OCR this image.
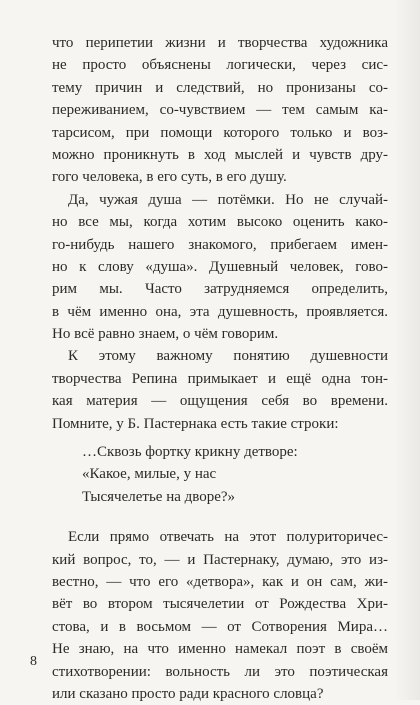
что перипетии жизни и творчества художника
не просто объяснены логически, через сис-
тему причин и следствий, но пронизаны со-
переживанием, со-чувствием — тем самым ка-
тарсисом, при помощи которого только и воз-
можно проникнуть в ход мыслей и чувств дру-
гого человека, в его суть, в его душу.
Да, чужая душа — потёмки. Но не случай-
но все мы, когда хотим высоко оценить како-
го-нибудь нашего знакомого, прибегаем имен-
но к слову «душа». Душевный человек, гово-
рим мы. Часто затрудняемся определить,
в чём именно она, эта душевность, проявляется.
Но всё равно знаем, о чём говорим.
К этому важному понятию душевности
творчества Репина примыкает и ещё одна тон-
кая материя — ощущения себя во времени.
Помните, у Б. Пастернака есть такие строки:
…Сквозь фортку крикну детворе:
«Какое, милые, у нас
Тысячелетье на дворе?»
Если прямо отвечать на этот полуриторичес-
кий вопрос, то, — и Пастернаку, думаю, это из-
вестно, — что его «детвора», как и он сам, жи-
вёт во втором тысячелетии от Рождества Хри-
стова, и в восьмом — от Сотворения Мира…
Не знаю, на что именно намекал поэт в своём
стихотворении: вольность ли это поэтическая
или сказано просто ради красного словца?
8
